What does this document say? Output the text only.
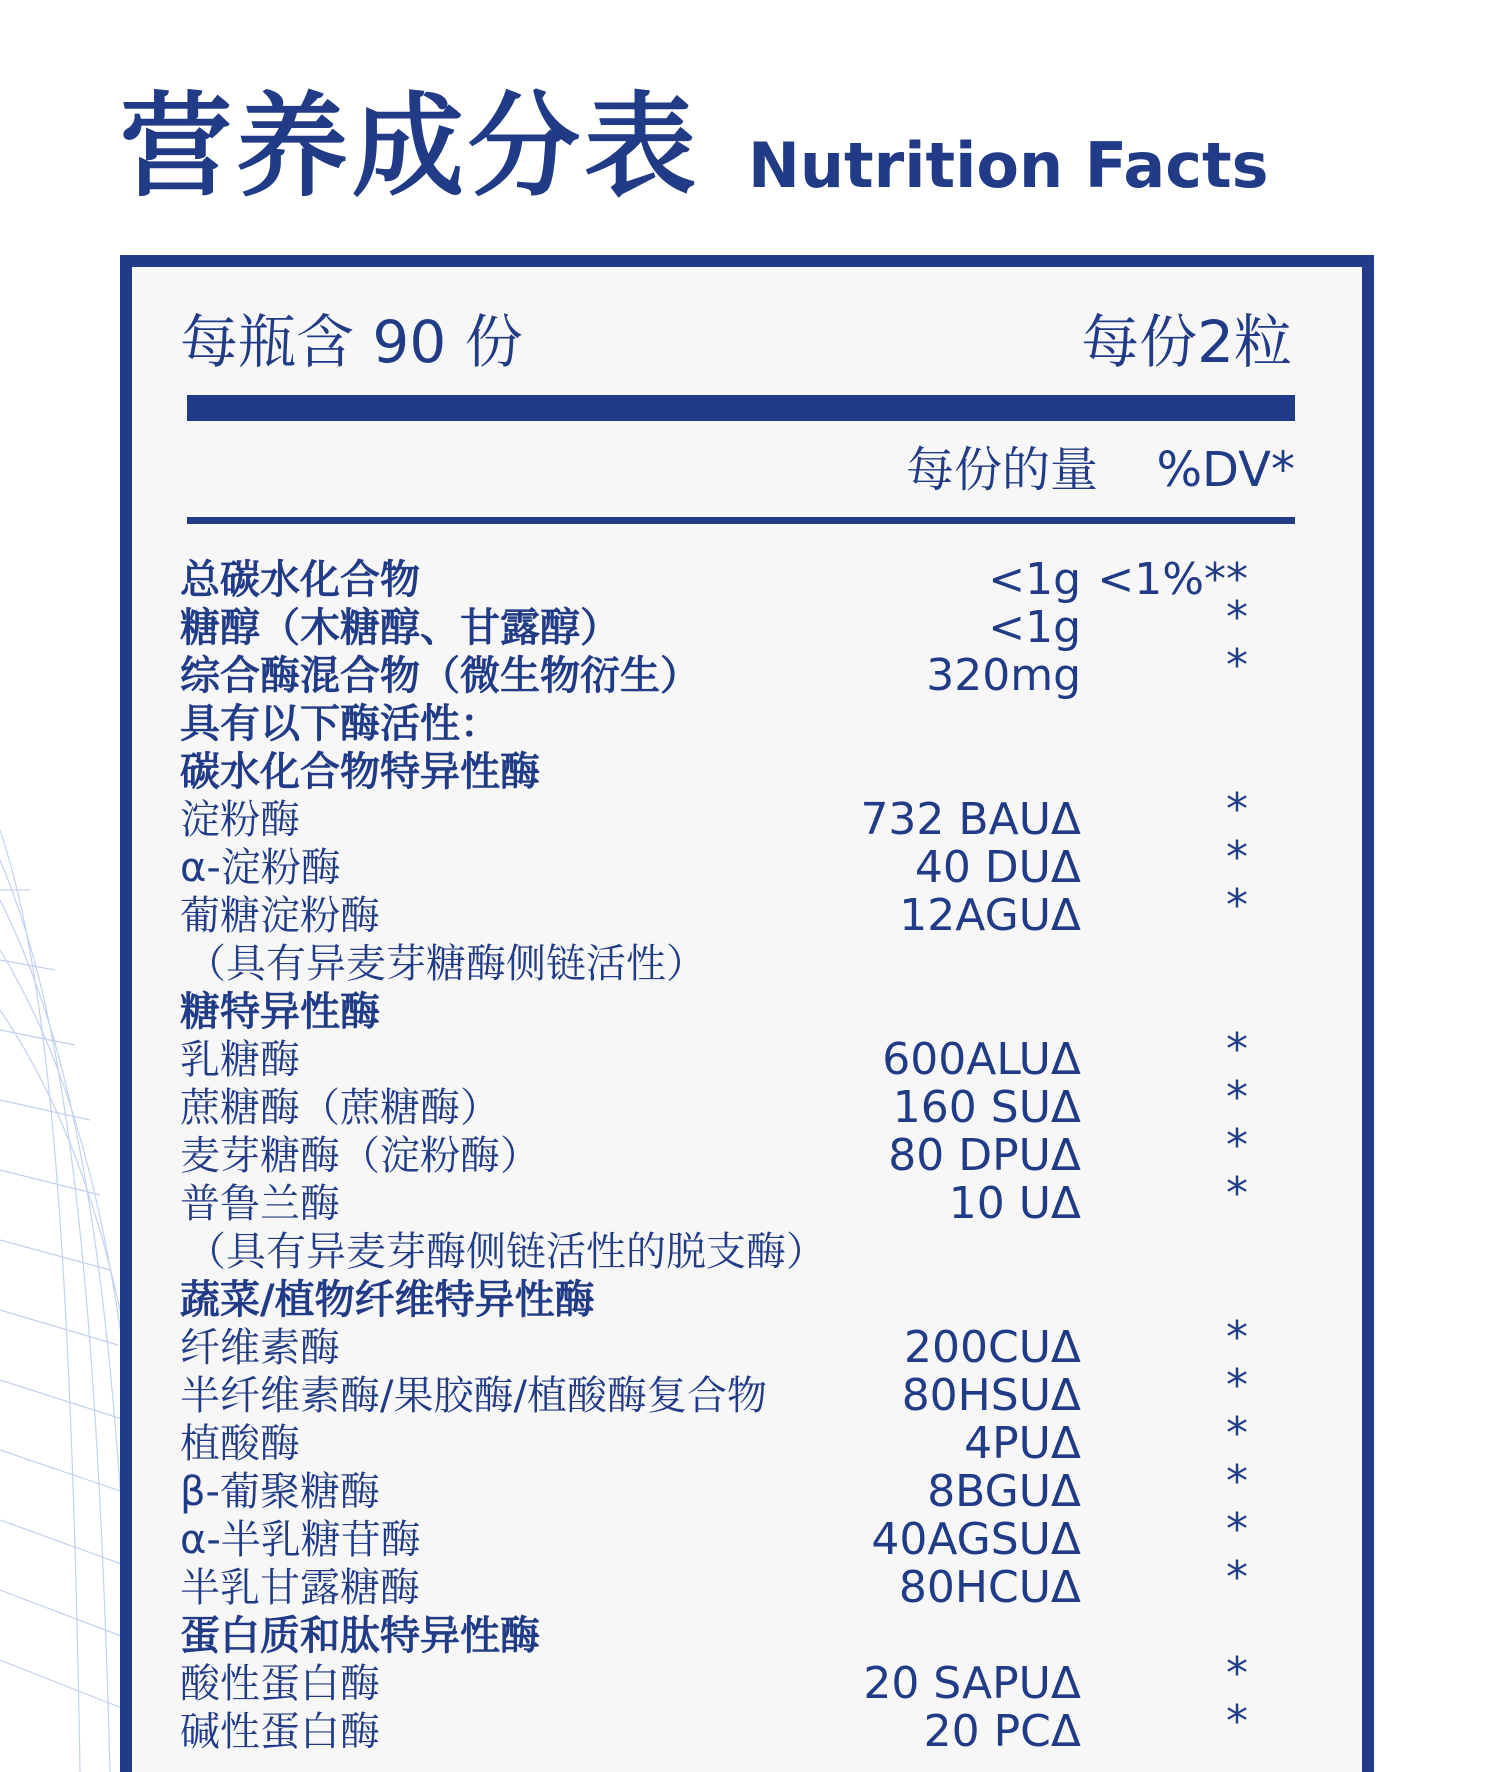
营养成分表 Nutrition Facts
每瓶含 90 份	每份2粒
每份的量 %DV*
总碳水化合物	<1g <1%**
糖醇（木糖醇、甘露醇）	<1g	*
综合酶混合物（微生物衍生）	320mg	*
具有以下酶活性：
碳水化合物特异性酶
淀粉酶	732 BAUΔ	*
α-淀粉酶	40 DUΔ	*
葡糖淀粉酶	12AGUΔ	*
（具有异麦芽糖酶侧链活性）
糖特异性酶
乳糖酶	600ALUΔ	*
蔗糖酶（蔗糖酶）	160 SUΔ	*
麦芽糖酶（淀粉酶）	80 DPUΔ	*
普鲁兰酶	10 UΔ	*
（具有异麦芽酶侧链活性的脱支酶）
蔬菜/植物纤维特异性酶
纤维素酶	200CUΔ	*
半纤维素酶/果胶酶/植酸酶复合物	80HSUΔ	*
植酸酶	4PUΔ	*
β-葡聚糖酶	8BGUΔ	*
α-半乳糖苷酶	40AGSUΔ	*
半乳甘露糖酶	80HCUΔ	*
蛋白质和肽特异性酶
酸性蛋白酶	20 SAPUΔ	*
碱性蛋白酶	20 PCΔ	*
